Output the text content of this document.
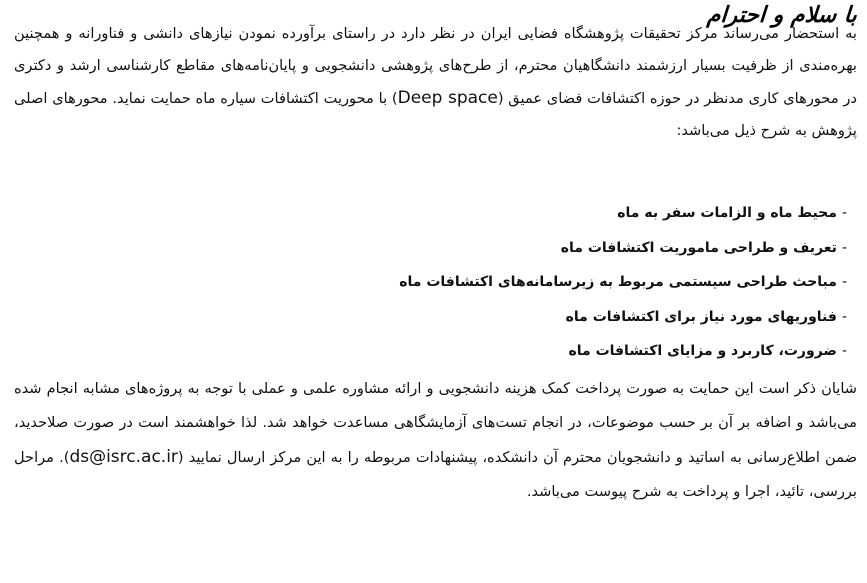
با سلام و احترام

به استحضار می‌رساند مرکز تحقیقات پژوهشگاه فضایی ایران در نظر دارد در راستای برآورده نمودن نیازهای دانشی و فناورانه و همچنین بهره‌مندی از ظرفیت بسیار ارزشمند دانشگاهیان محترم، از طرح‌های پژوهشی دانشجویی و پایان‌نامه‌های مقاطع کارشناسی ارشد و دکتری در محورهای کاری مدنظر در حوزه اکتشافات فضای عمیق (Deep space) با محوریت اکتشافات سیاره ماه حمایت نماید. محورهای اصلی پژوهش به شرح ذیل می‌باشد:

-محیط ماه و الزامات سفر به ماه
-تعریف و طراحی ماموریت اکتشافات ماه
-مباحث طراحی سیستمی مربوط به زیرسامانه‌های اکتشافات ماه
-فناوریهای مورد نیاز برای اکتشافات ماه
-ضرورت، کاربرد و مزایای اکتشافات ماه

شایان ذکر است این حمایت به صورت پرداخت کمک هزینه دانشجویی و ارائه مشاوره علمی و عملی با توجه به پروژه‌های مشابه انجام شده می‌باشد و اضافه بر آن بر حسب موضوعات، در انجام تست‌های آزمایشگاهی مساعدت خواهد شد. لذا خواهشمند است در صورت صلاحدید، ضمن اطلاع‌رسانی به اساتید و دانشجویان محترم آن دانشکده، پیشنهادات مربوطه را به این مرکز ارسال نمایید (ds@isrc.ac.ir). مراحل بررسی، تائید، اجرا و پرداخت به شرح پیوست می‌باشد.
